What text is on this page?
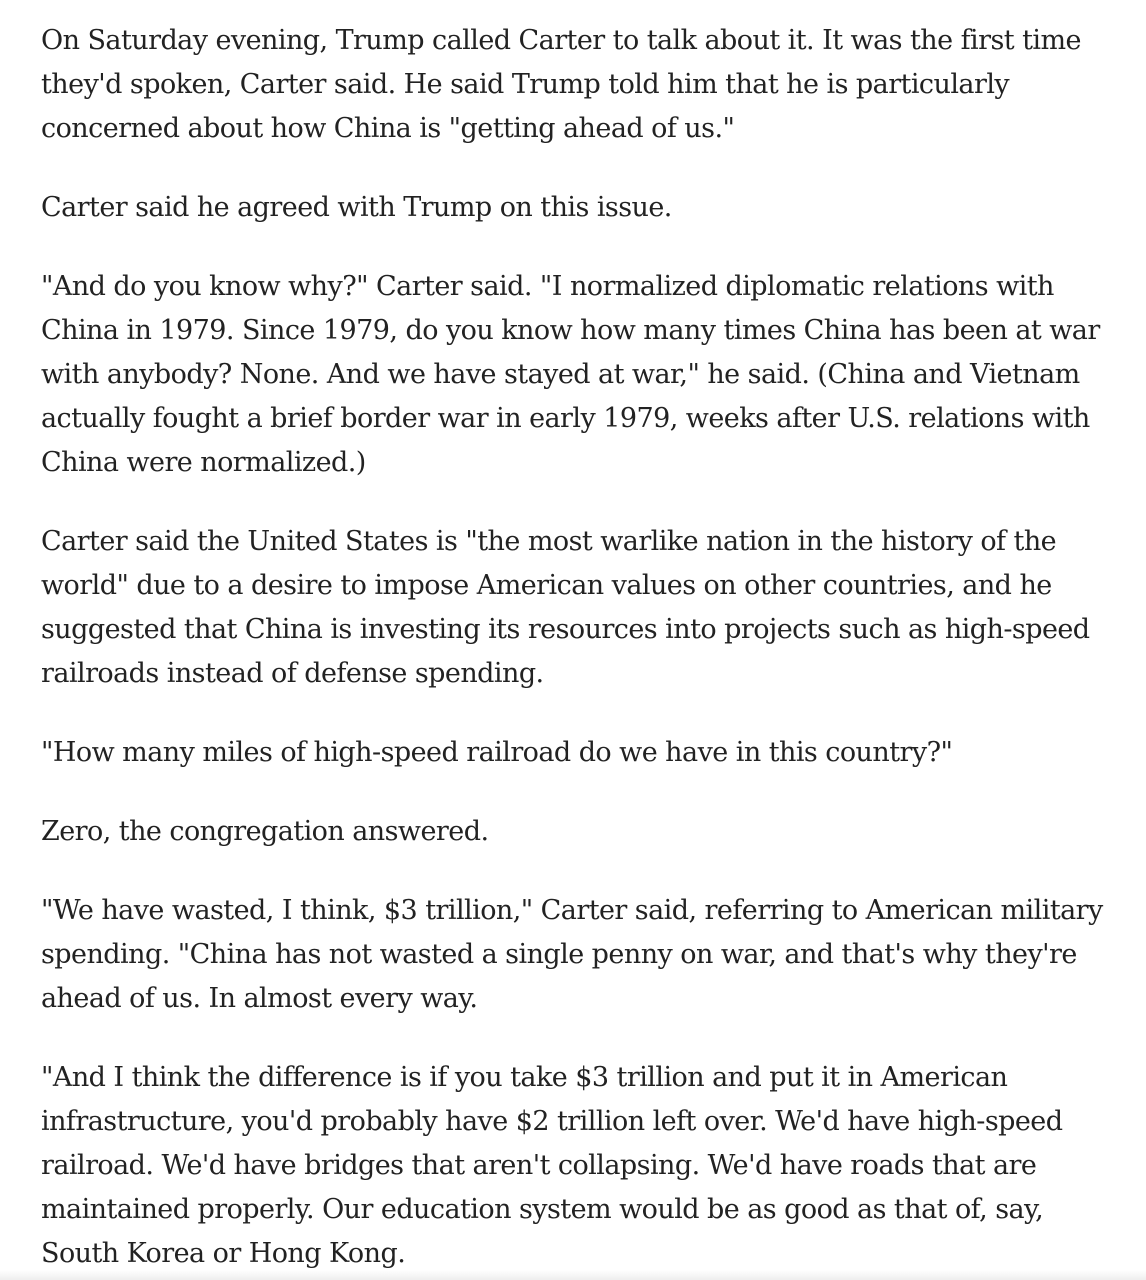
On Saturday evening, Trump called Carter to talk about it. It was the first time they'd spoken, Carter said. He said Trump told him that he is particularly concerned about how China is "getting ahead of us."

Carter said he agreed with Trump on this issue.

"And do you know why?" Carter said. "I normalized diplomatic relations with China in 1979. Since 1979, do you know how many times China has been at war with anybody? None. And we have stayed at war," he said. (China and Vietnam actually fought a brief border war in early 1979, weeks after U.S. relations with China were normalized.)

Carter said the United States is "the most warlike nation in the history of the world" due to a desire to impose American values on other countries, and he suggested that China is investing its resources into projects such as high-speed railroads instead of defense spending.

"How many miles of high-speed railroad do we have in this country?"

Zero, the congregation answered.

"We have wasted, I think, $3 trillion," Carter said, referring to American military spending. "China has not wasted a single penny on war, and that's why they're ahead of us. In almost every way.

"And I think the difference is if you take $3 trillion and put it in American infrastructure, you'd probably have $2 trillion left over. We'd have high-speed railroad. We'd have bridges that aren't collapsing. We'd have roads that are maintained properly. Our education system would be as good as that of, say, South Korea or Hong Kong.
